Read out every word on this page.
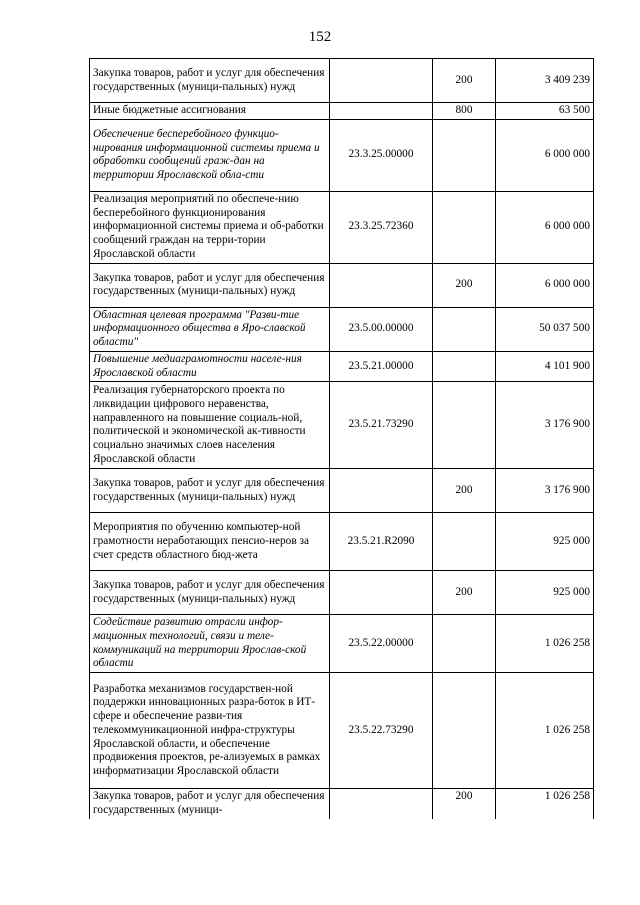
152
Закупка товаров, работ и услуг для обеспечения государственных (муници-пальных) нужд		200	3 409 239
Иные бюджетные ассигнования		800	63 500
Обеспечение бесперебойного функцио-нирования информационной системы приема и обработки сообщений граж-дан на территории Ярославской обла-сти	23.3.25.00000		6 000 000
Реализация мероприятий по обеспече-нию бесперебойного функционирования информационной системы приема и об-работки сообщений граждан на терри-тории Ярославской области	23.3.25.72360		6 000 000
Закупка товаров, работ и услуг для обеспечения государственных (муници-пальных) нужд		200	6 000 000
Областная целевая программа "Разви-тие информационного общества в Яро-славской области"	23.5.00.00000		50 037 500
Повышение медиаграмотности населе-ния Ярославской области	23.5.21.00000		4 101 900
Реализация губернаторского проекта по ликвидации цифрового неравенства, направленного на повышение социаль-ной, политической и экономической ак-тивности социально значимых слоев населения Ярославской области	23.5.21.73290		3 176 900
Закупка товаров, работ и услуг для обеспечения государственных (муници-пальных) нужд		200	3 176 900
Мероприятия по обучению компьютер-ной грамотности неработающих пенсио-неров за счет средств областного бюд-жета	23.5.21.R2090		925 000
Закупка товаров, работ и услуг для обеспечения государственных (муници-пальных) нужд		200	925 000
Содействие развитию отрасли инфор-мационных технологий, связи и теле-коммуникаций на территории Ярослав-ской области	23.5.22.00000		1 026 258
Разработка механизмов государствен-ной поддержки инновационных разра-боток в ИТ-сфере и обеспечение разви-тия телекоммуникационной инфра-структуры Ярославской области, и обеспечение продвижения проектов, ре-ализуемых в рамках информатизации Ярославской области	23.5.22.73290		1 026 258
Закупка товаров, работ и услуг для обеспечения государственных (муници-		200	1 026 258
